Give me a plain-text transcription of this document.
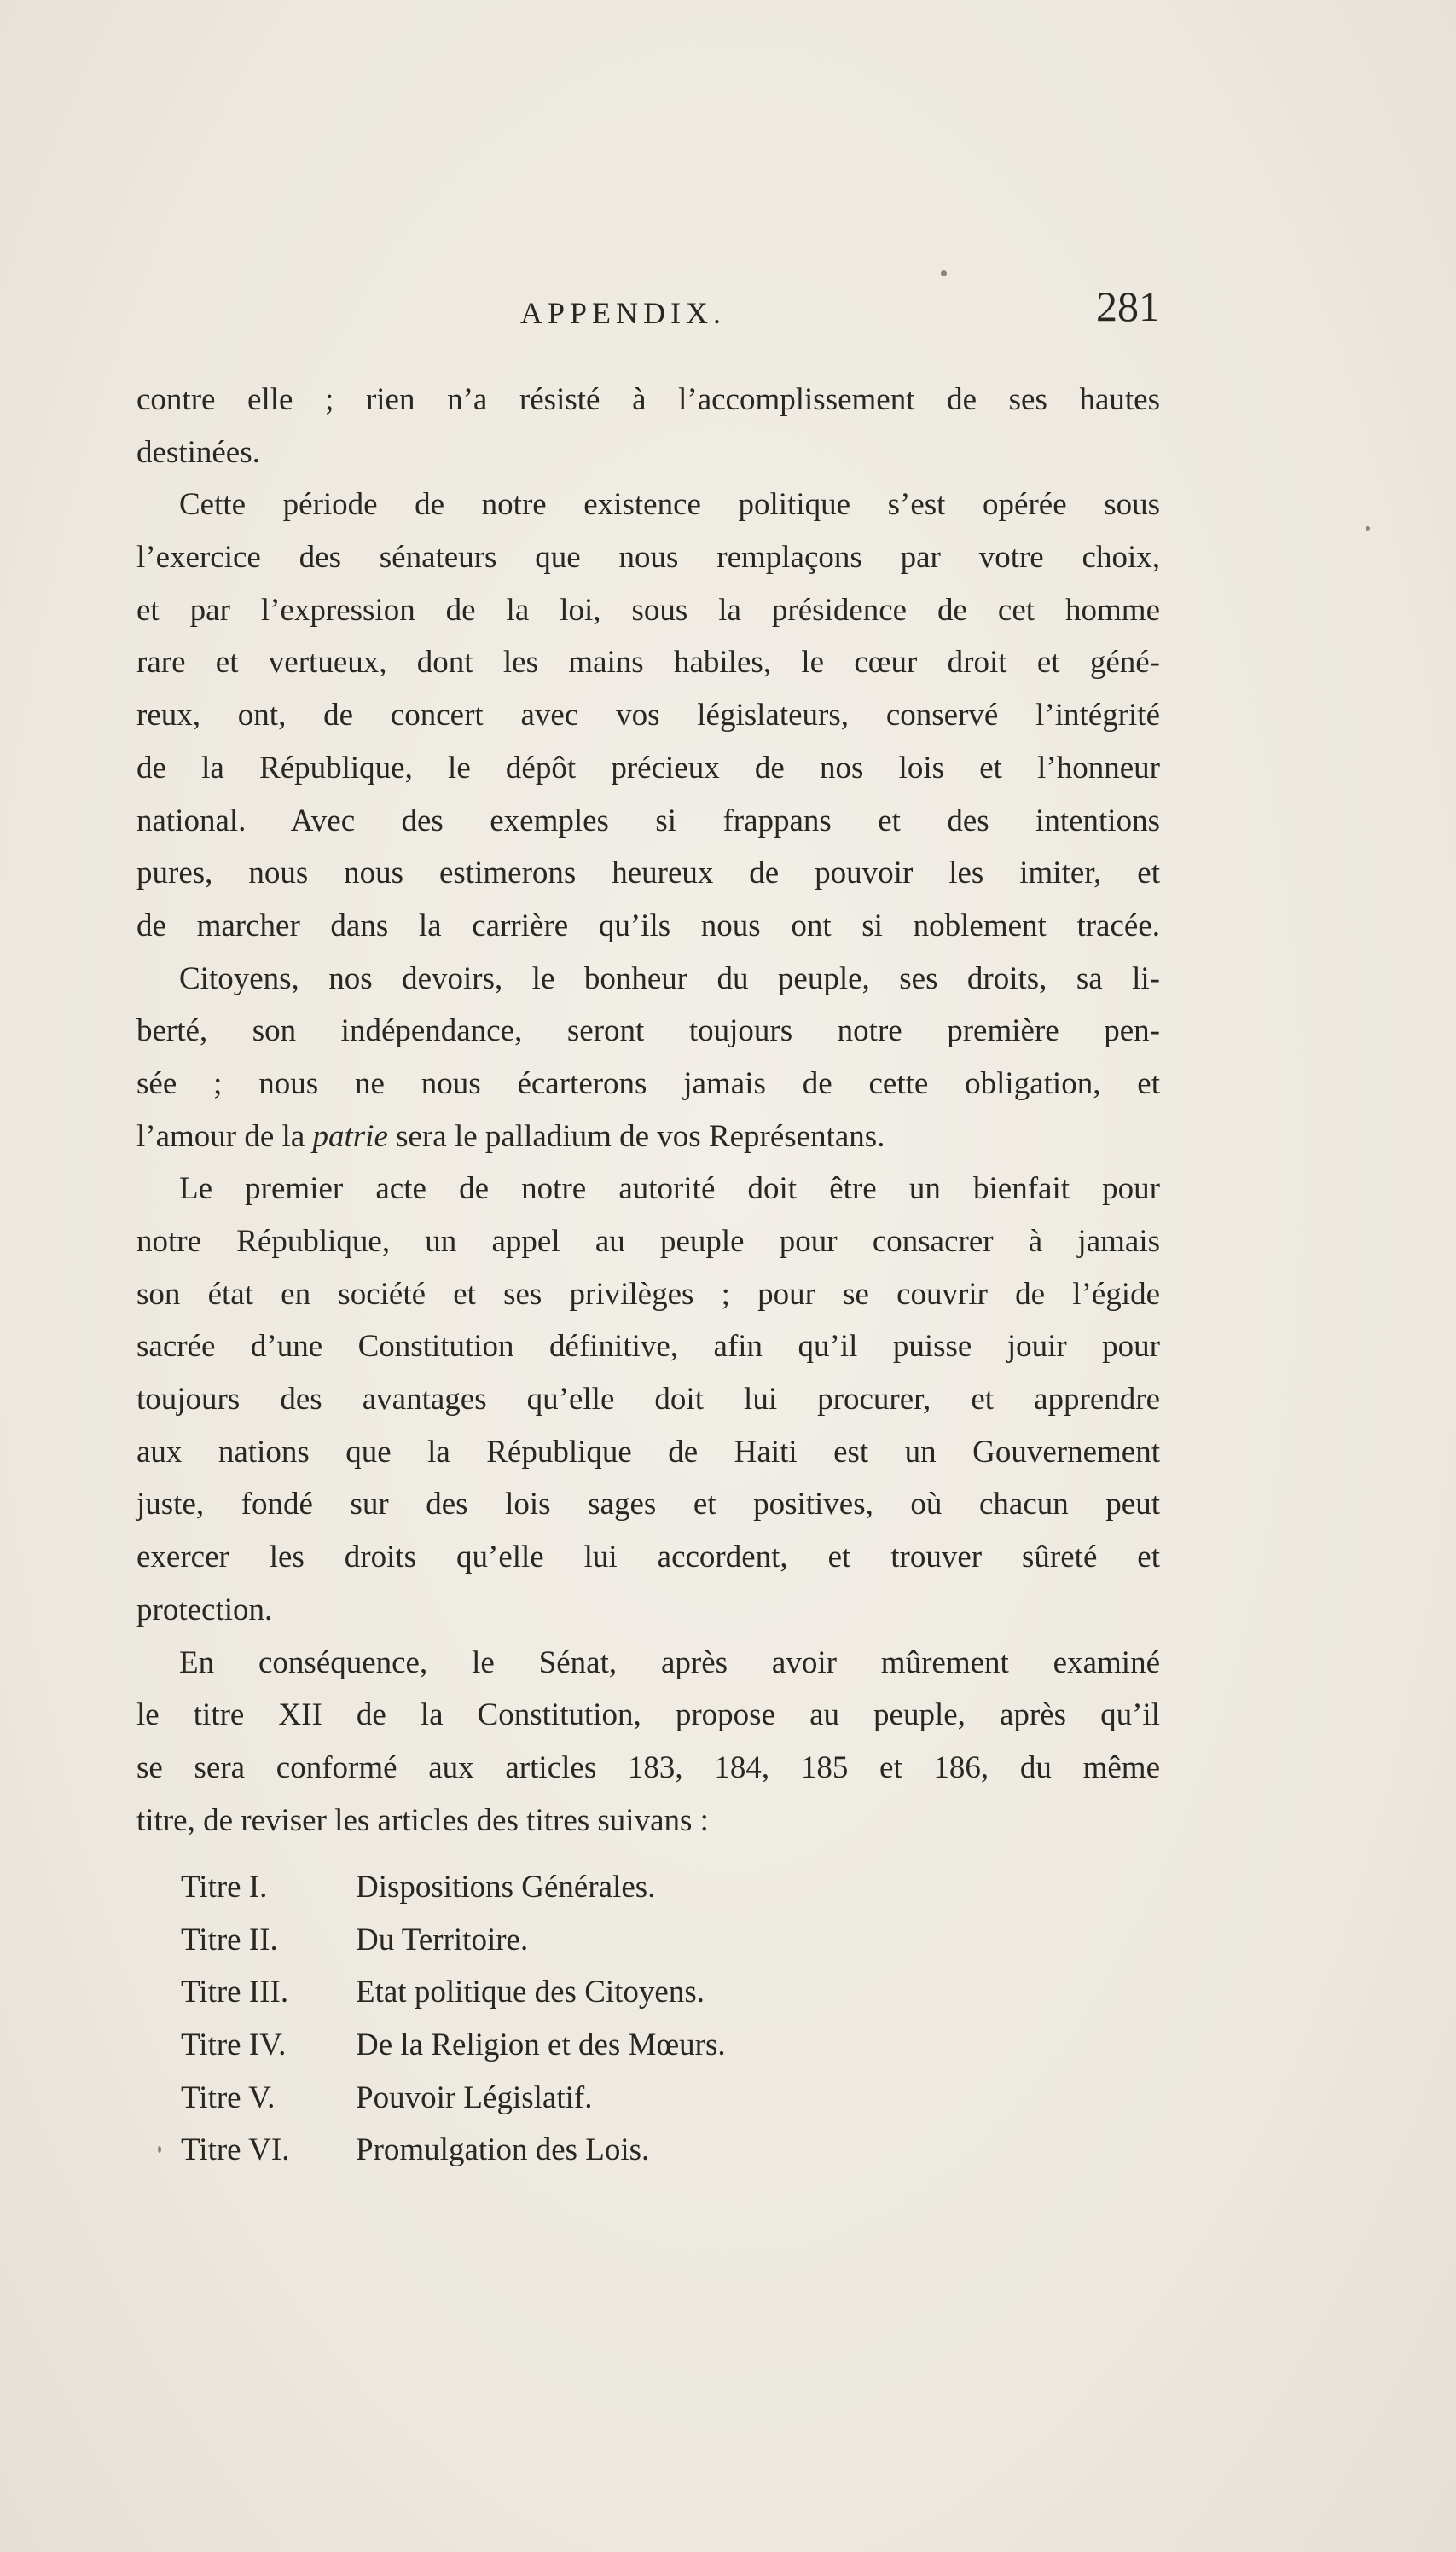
APPENDIX.	281
contre elle ; rien n’a résisté à l’accomplissement de ses hautes
destinées.
Cette période de notre existence politique s’est opérée sous
l’exercice des sénateurs que nous remplaçons par votre choix,
et par l’expression de la loi, sous la présidence de cet homme
rare et vertueux, dont les mains habiles, le cœur droit et géné-
reux, ont, de concert avec vos législateurs, conservé l’intégrité
de la République, le dépôt précieux de nos lois et l’honneur
national. Avec des exemples si frappans et des intentions
pures, nous nous estimerons heureux de pouvoir les imiter, et
de marcher dans la carrière qu’ils nous ont si noblement tracée.
Citoyens, nos devoirs, le bonheur du peuple, ses droits, sa li-
berté, son indépendance, seront toujours notre première pen-
sée ; nous ne nous écarterons jamais de cette obligation, et
l’amour de la patrie sera le palladium de vos Représentans.
Le premier acte de notre autorité doit être un bienfait pour
notre République, un appel au peuple pour consacrer à jamais
son état en société et ses privilèges ; pour se couvrir de l’égide
sacrée d’une Constitution définitive, afin qu’il puisse jouir pour
toujours des avantages qu’elle doit lui procurer, et apprendre
aux nations que la République de Haiti est un Gouvernement
juste, fondé sur des lois sages et positives, où chacun peut
exercer les droits qu’elle lui accordent, et trouver sûreté et
protection.
En conséquence, le Sénat, après avoir mûrement examiné
le titre XII de la Constitution, propose au peuple, après qu’il
se sera conformé aux articles 183, 184, 185 et 186, du même
titre, de reviser les articles des titres suivans :
Titre I.	Dispositions Générales.
Titre II. Du Territoire.
Titre III. Etat politique des Citoyens.
Titre IV. De la Religion et des Mœurs.
Titre V.	Pouvoir Législatif.
Titre VI. Promulgation des Lois.
